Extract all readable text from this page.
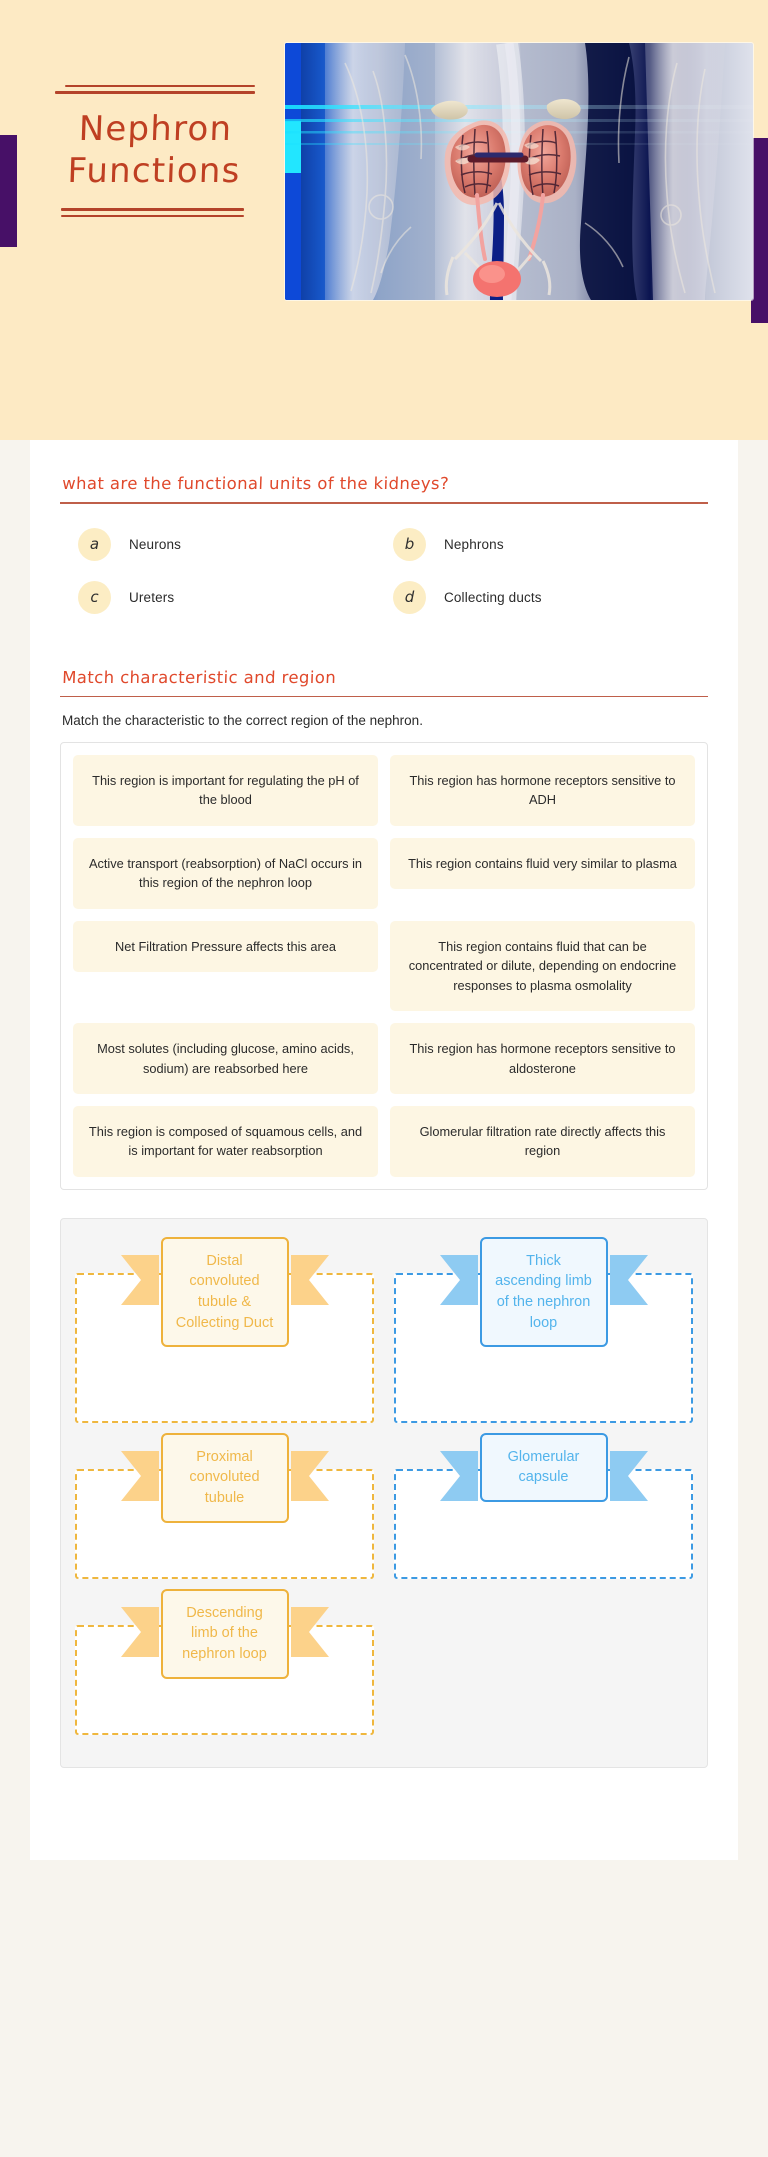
Nephron
Functions
what are the functional units of the kidneys?
a	Neurons	b	Nephrons
c	Ureters	d	Collecting ducts
Match characteristic and region
Match the characteristic to the correct region of the nephron.
This region is important for regulating the pH of the blood
This region has hormone receptors sensitive to ADH
Active transport (reabsorption) of NaCl occurs in this region of the nephron loop
This region contains fluid very similar to plasma
Net Filtration Pressure affects this area	This region contains fluid that can be concentrated or dilute, depending on endocrine responses to plasma osmolality
Most solutes (including glucose, amino acids, sodium) are reabsorbed here
This region has hormone receptors sensitive to aldosterone
This region is composed of squamous cells, and is important for water reabsorption
Glomerular filtration rate directly affects this region
Distal convoluted tubule & Collecting Duct
Thick ascending limb of the nephron loop
Proximal convoluted tubule
Glomerular capsule
Descending limb of the nephron loop
